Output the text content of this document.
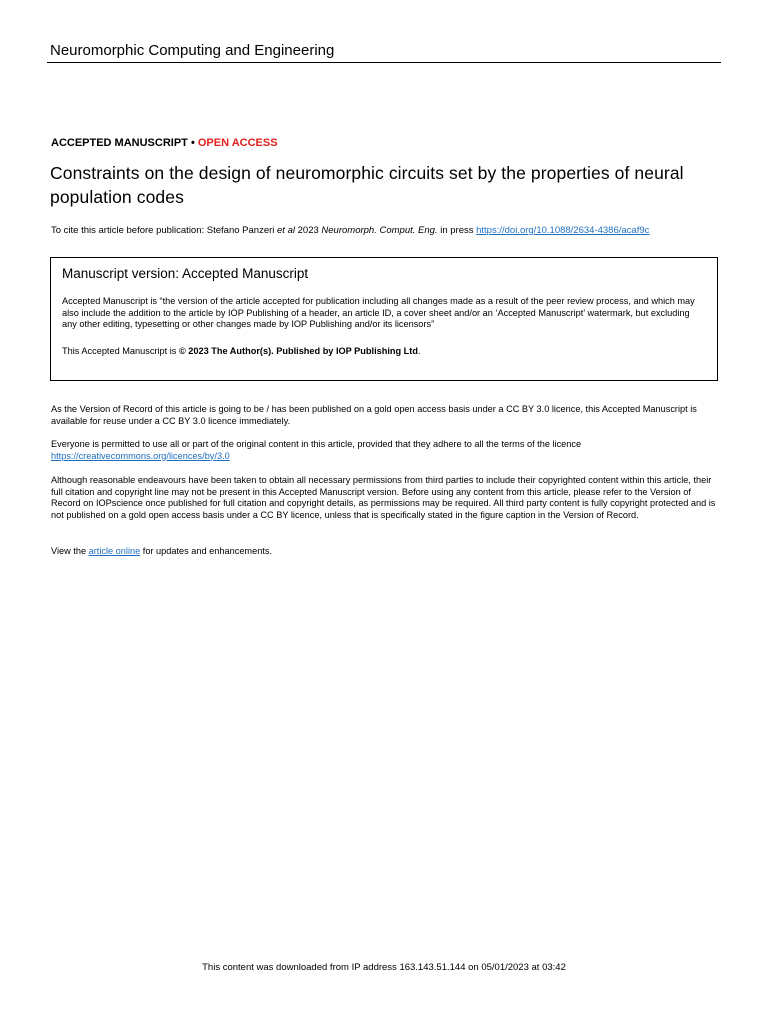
Neuromorphic Computing and Engineering
ACCEPTED MANUSCRIPT • OPEN ACCESS
Constraints on the design of neuromorphic circuits set by the properties of neural population codes
To cite this article before publication: Stefano Panzeri et al 2023 Neuromorph. Comput. Eng. in press https://doi.org/10.1088/2634-4386/acaf9c
Manuscript version: Accepted Manuscript
Accepted Manuscript is “the version of the article accepted for publication including all changes made as a result of the peer review process, and which may also include the addition to the article by IOP Publishing of a header, an article ID, a cover sheet and/or an ‘Accepted Manuscript’ watermark, but excluding any other editing, typesetting or other changes made by IOP Publishing and/or its licensors”
This Accepted Manuscript is © 2023 The Author(s). Published by IOP Publishing Ltd.
As the Version of Record of this article is going to be / has been published on a gold open access basis under a CC BY 3.0 licence, this Accepted Manuscript is available for reuse under a CC BY 3.0 licence immediately.
Everyone is permitted to use all or part of the original content in this article, provided that they adhere to all the terms of the licence
https://creativecommons.org/licences/by/3.0
Although reasonable endeavours have been taken to obtain all necessary permissions from third parties to include their copyrighted content within this article, their full citation and copyright line may not be present in this Accepted Manuscript version. Before using any content from this article, please refer to the Version of Record on IOPscience once published for full citation and copyright details, as permissions may be required. All third party content is fully copyright protected and is not published on a gold open access basis under a CC BY licence, unless that is specifically stated in the figure caption in the Version of Record.
View the article online for updates and enhancements.
This content was downloaded from IP address 163.143.51.144 on 05/01/2023 at 03:42
